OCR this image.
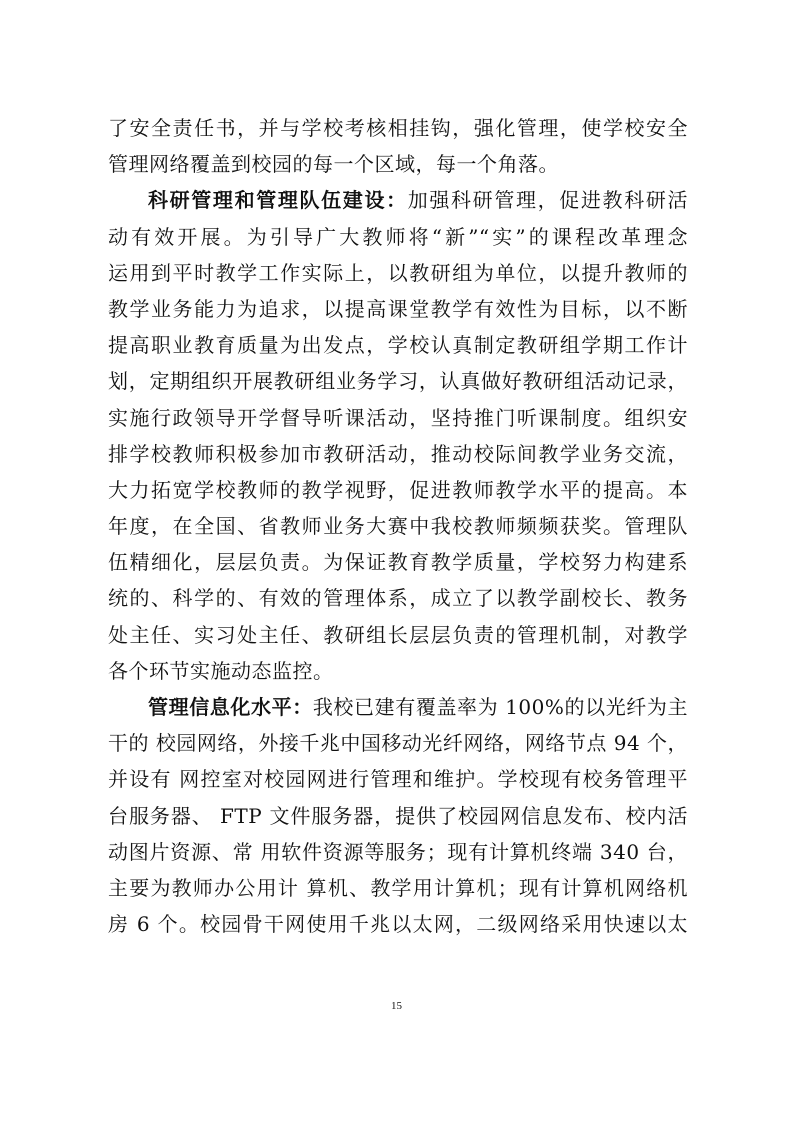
了安全责任书，并与学校考核相挂钩，强化管理，使学校安全
管理网络覆盖到校园的每一个区域，每一个角落。
科研管理和管理队伍建设：加强科研管理，促进教科研活
动有效开展。为引导广大教师将“新”“实”的课程改革理念
运用到平时教学工作实际上，以教研组为单位，以提升教师的
教学业务能力为追求，以提高课堂教学有效性为目标，以不断
提高职业教育质量为出发点，学校认真制定教研组学期工作计
划，定期组织开展教研组业务学习，认真做好教研组活动记录，
实施行政领导开学督导听课活动，坚持推门听课制度。组织安
排学校教师积极参加市教研活动，推动校际间教学业务交流，
大力拓宽学校教师的教学视野，促进教师教学水平的提高。本
年度，在全国、省教师业务大赛中我校教师频频获奖。管理队
伍精细化，层层负责。为保证教育教学质量，学校努力构建系
统的、科学的、有效的管理体系，成立了以教学副校长、教务
处主任、实习处主任、教研组长层层负责的管理机制，对教学
各个环节实施动态监控。
管理信息化水平：我校已建有覆盖率为 100%的以光纤为主
干的 校园网络，外接千兆中国移动光纤网络，网络节点 94 个，
并设有 网控室对校园网进行管理和维护。学校现有校务管理平
台服务器、 FTP 文件服务器，提供了校园网信息发布、校内活
动图片资源、常 用软件资源等服务；现有计算机终端 340 台，
主要为教师办公用计 算机、教学用计算机；现有计算机网络机
房 6 个。校园骨干网使用千兆以太网，二级网络采用快速以太
15
